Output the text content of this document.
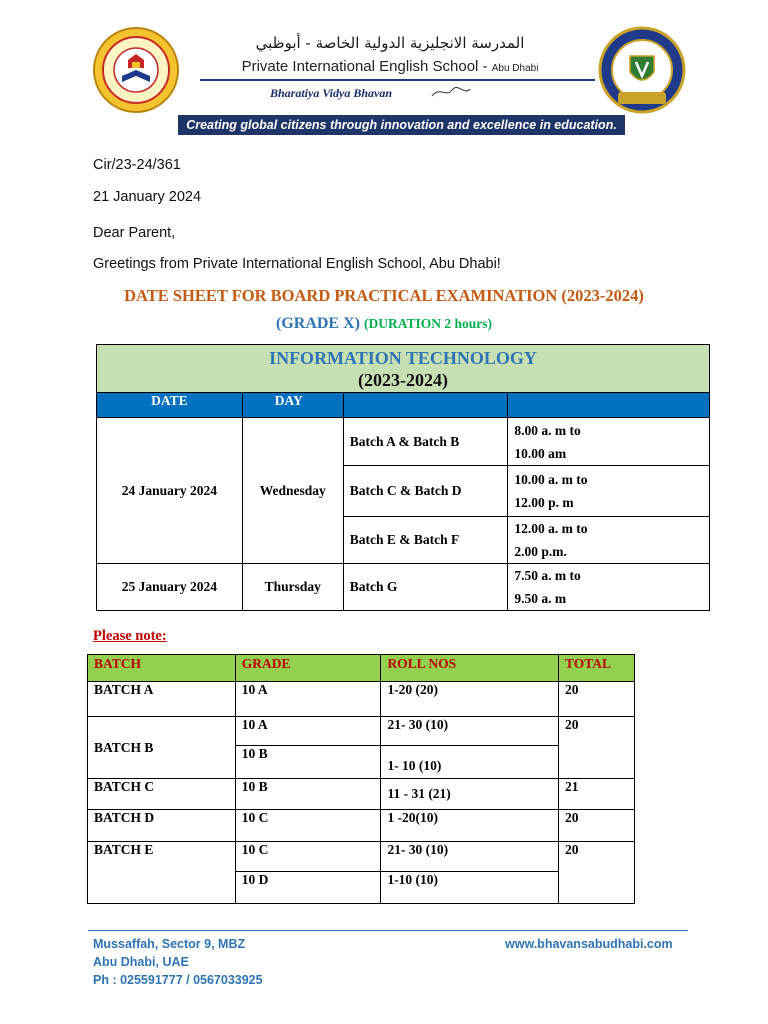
المدرسة الانجليزية الدولية الخاصة - أبوظبي
Private International English School - Abu Dhabi
Bharatiya Vidya Bhavan
Creating global citizens through innovation and excellence in education.
Cir/23-24/361
21 January 2024
Dear Parent,
Greetings from Private International English School, Abu Dhabi!
DATE SHEET FOR BOARD PRACTICAL EXAMINATION (2023-2024)
(GRADE X) (DURATION 2 hours)
INFORMATION TECHNOLOGY
(2023-2024)			

DATE	DAY		
24 January 2024	Wednesday	Batch A & Batch B	8.00 a. m to
10.00 am

		Batch C & Batch D	10.00 a. m to
12.00 p. m

		Batch E & Batch F	12.00 a. m to
2.00 p.m.

25 January 2024	Thursday	Batch G	7.50 a. m to
9.50 a. m
Please note:
BATCH	GRADE	ROLL NOS	TOTAL
BATCH A	10 A	1-20 (20)	20
BATCH B	10 A	21- 30 (10)	20
	10 B	1- 10 (10)	
BATCH C	10 B	11 - 31 (21)	21
BATCH D	10 C	1 -20(10)	20
BATCH E	10 C	21- 30 (10)	20
	10 D	1-10 (10)	
Mussaffah, Sector 9, MBZ
Abu Dhabi, UAE
Ph : 025591777 / 0567033925
www.bhavansabudhabi.com
